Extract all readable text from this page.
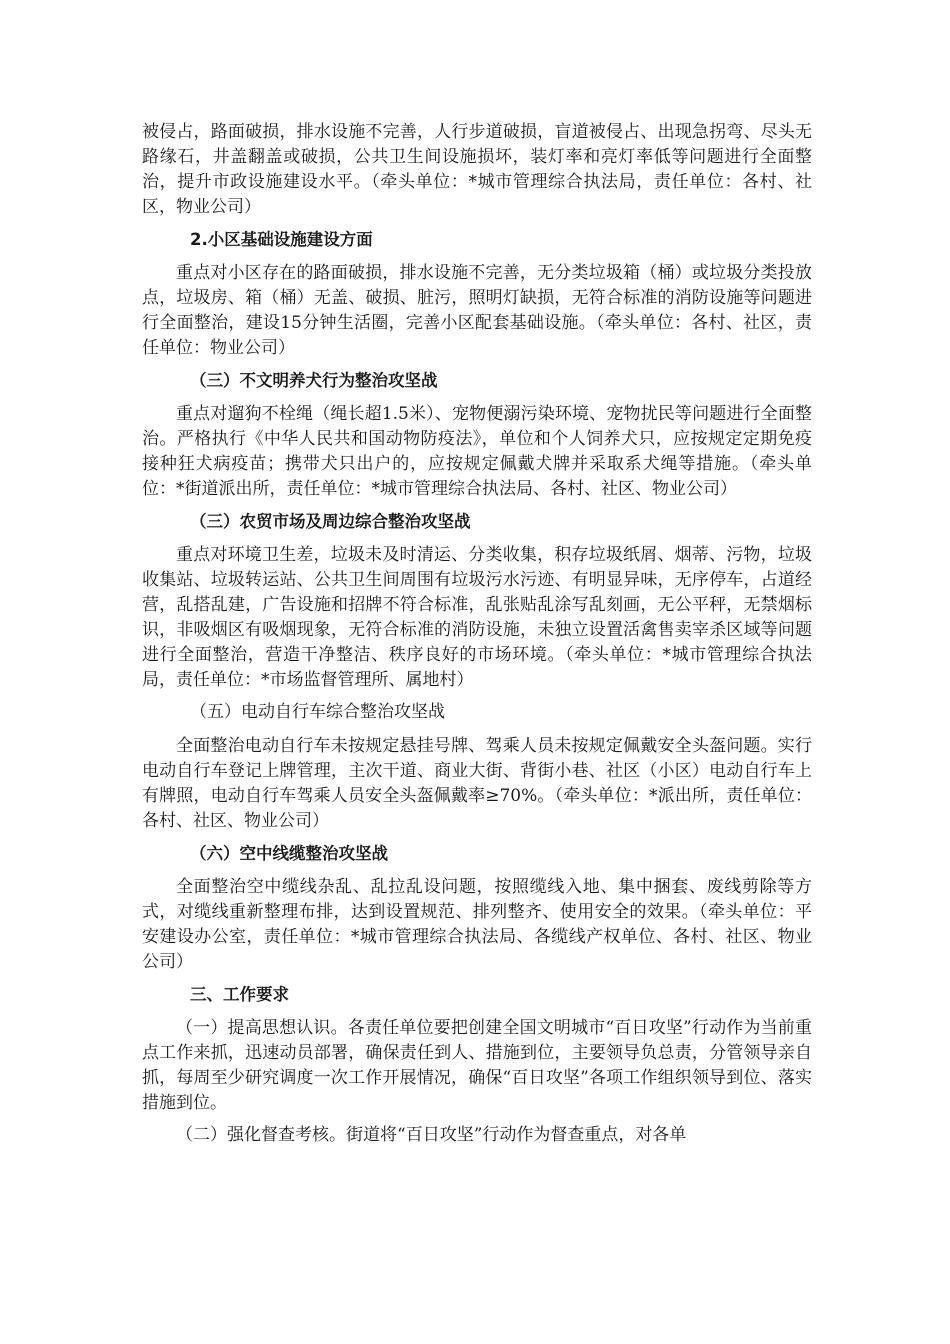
被侵占，路面破损，排水设施不完善，人行步道破损，盲道被侵占、出现急拐弯、尽头无路缘石，井盖翻盖或破损，公共卫生间设施损坏，装灯率和亮灯率低等问题进行全面整治，提升市政设施建设水平。（牵头单位：*城市管理综合执法局，责任单位：各村、社区，物业公司）

2.小区基础设施建设方面

重点对小区存在的路面破损，排水设施不完善，无分类垃圾箱（桶）或垃圾分类投放点，垃圾房、箱（桶）无盖、破损、脏污，照明灯缺损，无符合标准的消防设施等问题进行全面整治，建设15分钟生活圈，完善小区配套基础设施。（牵头单位：各村、社区，责任单位：物业公司）

（三）不文明养犬行为整治攻坚战

重点对遛狗不栓绳（绳长超1.5米）、宠物便溺污染环境、宠物扰民等问题进行全面整治。严格执行《中华人民共和国动物防疫法》，单位和个人饲养犬只，应按规定定期免疫接种狂犬病疫苗；携带犬只出户的，应按规定佩戴犬牌并采取系犬绳等措施。（牵头单位：*街道派出所，责任单位：*城市管理综合执法局、各村、社区、物业公司）

（三）农贸市场及周边综合整治攻坚战

重点对环境卫生差，垃圾未及时清运、分类收集，积存垃圾纸屑、烟蒂、污物，垃圾收集站、垃圾转运站、公共卫生间周围有垃圾污水污迹、有明显异味，无序停车，占道经营，乱搭乱建，广告设施和招牌不符合标准，乱张贴乱涂写乱刻画，无公平秤，无禁烟标识，非吸烟区有吸烟现象，无符合标准的消防设施，未独立设置活禽售卖宰杀区域等问题进行全面整治，营造干净整洁、秩序良好的市场环境。（牵头单位：*城市管理综合执法局，责任单位：*市场监督管理所、属地村）

（五）电动自行车综合整治攻坚战

全面整治电动自行车未按规定悬挂号牌、驾乘人员未按规定佩戴安全头盔问题。实行电动自行车登记上牌管理，主次干道、商业大街、背街小巷、社区（小区）电动自行车上有牌照，电动自行车驾乘人员安全头盔佩戴率≥70%。（牵头单位：*派出所，责任单位：各村、社区、物业公司）

（六）空中线缆整治攻坚战

全面整治空中缆线杂乱、乱拉乱设问题，按照缆线入地、集中捆套、废线剪除等方式，对缆线重新整理布排，达到设置规范、排列整齐、使用安全的效果。（牵头单位：平安建设办公室，责任单位：*城市管理综合执法局、各缆线产权单位、各村、社区、物业公司）

三、工作要求

（一）提高思想认识。各责任单位要把创建全国文明城市“百日攻坚”行动作为当前重点工作来抓，迅速动员部署，确保责任到人、措施到位，主要领导负总责，分管领导亲自抓，每周至少研究调度一次工作开展情况，确保“百日攻坚”各项工作组织领导到位、落实措施到位。

（二）强化督查考核。街道将“百日攻坚”行动作为督查重点，对各单
